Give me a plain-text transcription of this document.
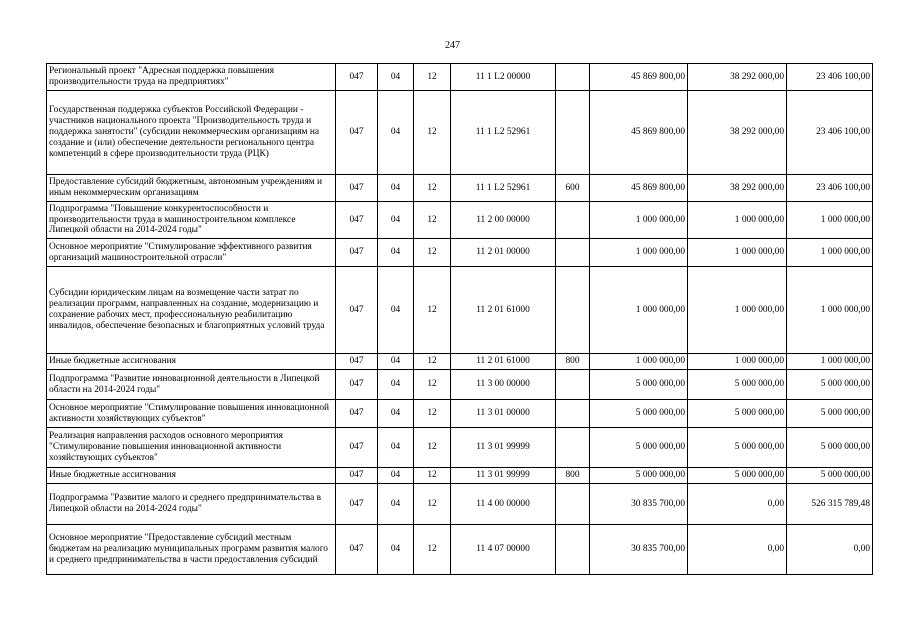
247
Региональный проект "Адресная поддержка повышения производительности труда на предприятиях"	047	04	12	11 1 L2 00000		45 869 800,00	38 292 000,00	23 406 100,00
Государственная поддержка субъектов Российской Федерации - участников национального проекта "Производительность труда и поддержка занятости" (субсидии некоммерческим организациям на создание и (или) обеспечение деятельности регионального центра компетенций в сфере производительности труда (РЦК)	047	04	12	11 1 L2 52961		45 869 800,00	38 292 000,00	23 406 100,00
Предоставление субсидий бюджетным, автономным учреждениям и иным некоммерческим организациям	047	04	12	11 1 L2 52961	600	45 869 800,00	38 292 000,00	23 406 100,00
Подпрограмма "Повышение конкурентоспособности и производительности труда в машиностроительном комплексе Липецкой области на 2014-2024 годы"	047	04	12	11 2 00 00000		1 000 000,00	1 000 000,00	1 000 000,00
Основное мероприятие "Стимулирование эффективного развития организаций машиностроительной отрасли"	047	04	12	11 2 01 00000		1 000 000,00	1 000 000,00	1 000 000,00
Субсидии юридическим лицам на возмещение части затрат по реализации программ, направленных на создание, модернизацию и сохранение рабочих мест, профессиональную реабилитацию инвалидов, обеспечение безопасных и благоприятных условий труда	047	04	12	11 2 01 61000		1 000 000,00	1 000 000,00	1 000 000,00
Иные бюджетные ассигнования	047	04	12	11 2 01 61000	800	1 000 000,00	1 000 000,00	1 000 000,00
Подпрограмма "Развитие инновационной деятельности в Липецкой области на 2014-2024 годы"	047	04	12	11 3 00 00000		5 000 000,00	5 000 000,00	5 000 000,00
Основное мероприятие "Стимулирование повышения инновационной активности хозяйствующих субъектов"	047	04	12	11 3 01 00000		5 000 000,00	5 000 000,00	5 000 000,00
Реализация направления расходов основного мероприятия "Стимулирование повышения инновационной активности хозяйствующих субъектов"	047	04	12	11 3 01 99999		5 000 000,00	5 000 000,00	5 000 000,00
Иные бюджетные ассигнования	047	04	12	11 3 01 99999	800	5 000 000,00	5 000 000,00	5 000 000,00
Подпрограмма "Развитие малого и среднего предпринимательства в Липецкой области на 2014-2024 годы"	047	04	12	11 4 00 00000		30 835 700,00	0,00	526 315 789,48
Основное мероприятие "Предоставление субсидий местным бюджетам на реализацию муниципальных программ развития малого и среднего предпринимательства в части предоставления субсидий	047	04	12	11 4 07 00000		30 835 700,00	0,00	0,00
